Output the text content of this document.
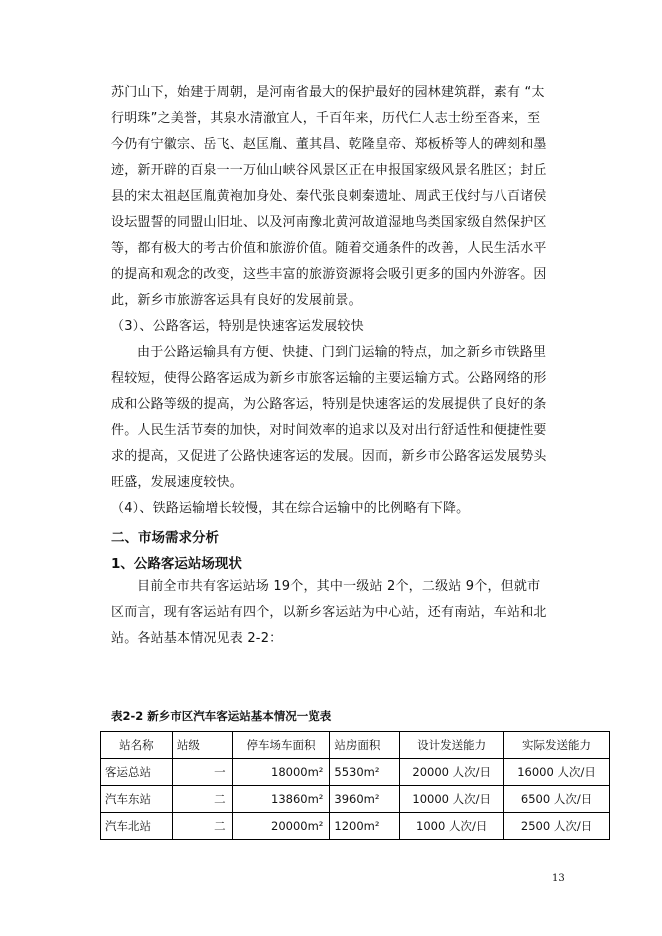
苏门山下，始建于周朝，是河南省最大的保护最好的园林建筑群，素有 “太
行明珠”之美誉，其泉水清澈宜人，千百年来，历代仁人志士纷至沓来，至
今仍有宁徽宗、岳飞、赵匡胤、董其昌、乾隆皇帝、郑板桥等人的碑刻和墨
迹，新开辟的百泉一一万仙山峡谷风景区正在申报国家级风景名胜区；封丘
县的宋太祖赵匡胤黄袍加身处、秦代张良刺秦遗址、周武王伐纣与八百诸侯
设坛盟誓的同盟山旧址、以及河南豫北黄河故道湿地鸟类国家级自然保护区
等，都有极大的考古价值和旅游价值。随着交通条件的改善，人民生活水平
的提高和观念的改变，这些丰富的旅游资源将会吸引更多的国内外游客。因
此，新乡市旅游客运具有良好的发展前景。
（3）、公路客运，特别是快速客运发展较快
由于公路运输具有方便、快捷、门到门运输的特点，加之新乡市铁路里
程较短，使得公路客运成为新乡市旅客运输的主要运输方式。公路网络的形
成和公路等级的提高，为公路客运，特别是快速客运的发展提供了良好的条
件。人民生活节奏的加快，对时间效率的追求以及对出行舒适性和便捷性要
求的提高，又促进了公路快速客运的发展。因而，新乡市公路客运发展势头
旺盛，发展速度较快。
（4）、铁路运输增长较慢，其在综合运输中的比例略有下降。
二、市场需求分析
1、公路客运站场现状
目前全市共有客运站场 19个，其中一级站 2个，二级站 9个，但就市
区而言，现有客运站有四个，以新乡客运站为中心站，还有南站，车站和北
站。各站基本情况见表 2-2：
表2-2 新乡市区汽车客运站基本情况一览表
站名称	站级	停车场车面积	站房面积	设计发送能力	实际发送能力
客运总站	一	18000m²	5530m²	20000 人次/日	16000 人次/日
汽车东站	二	13860m²	3960m²	10000 人次/日	6500 人次/日
汽车北站	二	20000m²	1200m²	1000 人次/日	2500 人次/日
13
